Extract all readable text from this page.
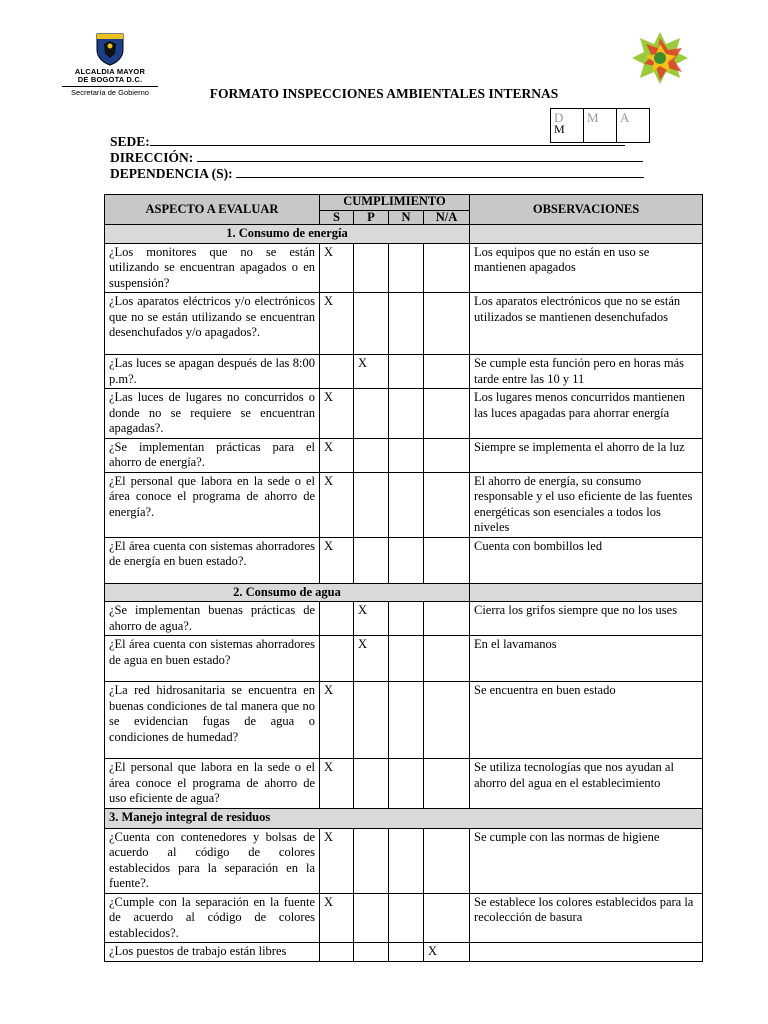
ALCALDIA MAYOR
DE BOGOTA D.C.
Secretaría de Gobierno	FORMATO INSPECCIONES AMBIENTALES INTERNAS
D
M
	M	A
SEDE:
DIRECCIÓN:
DEPENDENCIA (S):
ASPECTO A EVALUAR	CUMPLIMIENTO				OBSERVACIONES
	S	P	N	N/A	
1. Consumo de energía					
¿Los monitores que no se están utilizando se encuentran apagados o en suspensión?	X				Los equipos que no están en uso se mantienen apagados
¿Los aparatos eléctricos y/o electrónicos que no se están utilizando se encuentran desenchufados y/o apagados?.	X				Los aparatos electrónicos que no se están utilizados se mantienen desenchufados
¿Las luces se apagan después de las 8:00 p.m?.		X			Se cumple esta función pero en horas más tarde entre las 10 y 11
¿Las luces de lugares no concurridos o donde no se requiere se encuentran apagadas?.	X				Los lugares menos concurridos mantienen las luces apagadas para ahorrar energía
¿Se implementan prácticas para el ahorro de energía?.	X				Siempre se implementa el ahorro de la luz
¿El personal que labora en la sede o el área conoce el programa de ahorro de energía?.	X				El ahorro de energía, su consumo responsable y el uso eficiente de las fuentes energéticas son esenciales a todos los niveles
¿El área cuenta con sistemas ahorradores de energía en buen estado?.	X				Cuenta con bombillos led
2. Consumo de agua					
¿Se implementan buenas prácticas de ahorro de agua?.		X			Cierra los grifos siempre que no los uses
¿El área cuenta con sistemas ahorradores de agua en buen estado?		X			En el lavamanos
¿La red hidrosanitaria se encuentra en buenas condiciones de tal manera que no se evidencian fugas de agua o condiciones de humedad?	X				Se encuentra en buen estado
¿El personal que labora en la sede o el área conoce el programa de ahorro de uso eficiente de agua?	X				Se utiliza tecnologías que nos ayudan al ahorro del agua en el establecimiento
3. Manejo integral de residuos					
¿Cuenta con contenedores y bolsas de acuerdo al código de colores establecidos para la separación en la fuente?.	X				Se cumple con las normas de higiene
¿Cumple con la separación en la fuente de acuerdo al código de colores establecidos?.	X				Se establece los colores establecidos para la recolección de basura
¿Los puestos de trabajo están libres				X	
